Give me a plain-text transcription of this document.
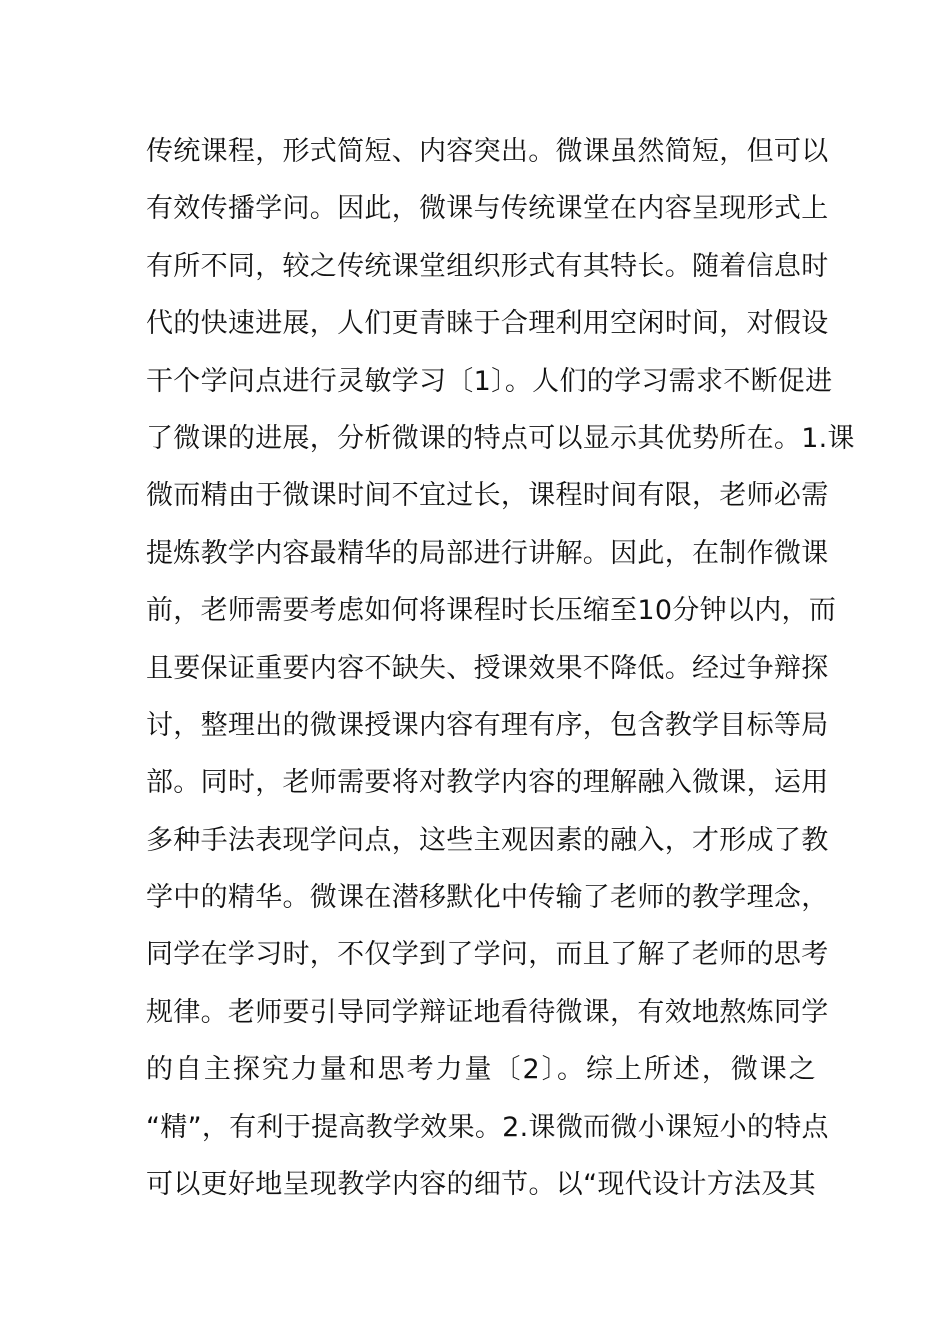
传统课程，形式简短、内容突出。微课虽然简短，但可以
有效传播学问。因此，微课与传统课堂在内容呈现形式上
有所不同，较之传统课堂组织形式有其特长。随着信息时
代的快速进展，人们更青睐于合理利用空闲时间，对假设
干个学问点进行灵敏学习〔1〕。人们的学习需求不断促进
了微课的进展，分析微课的特点可以显示其优势所在。1.课
微而精由于微课时间不宜过长，课程时间有限，老师必需
提炼教学内容最精华的局部进行讲解。因此，在制作微课
前，老师需要考虑如何将课程时长压缩至10分钟以内，而
且要保证重要内容不缺失、授课效果不降低。经过争辩探
讨，整理出的微课授课内容有理有序，包含教学目标等局
部。同时，老师需要将对教学内容的理解融入微课，运用
多种手法表现学问点，这些主观因素的融入，才形成了教
学中的精华。微课在潜移默化中传输了老师的教学理念，
同学在学习时，不仅学到了学问，而且了解了老师的思考
规律。老师要引导同学辩证地看待微课，有效地熬炼同学
的自主探究力量和思考力量〔2〕。综上所述，微课之
“精”，有利于提高教学效果。2.课微而微小课短小的特点
可以更好地呈现教学内容的细节。以“现代设计方法及其
